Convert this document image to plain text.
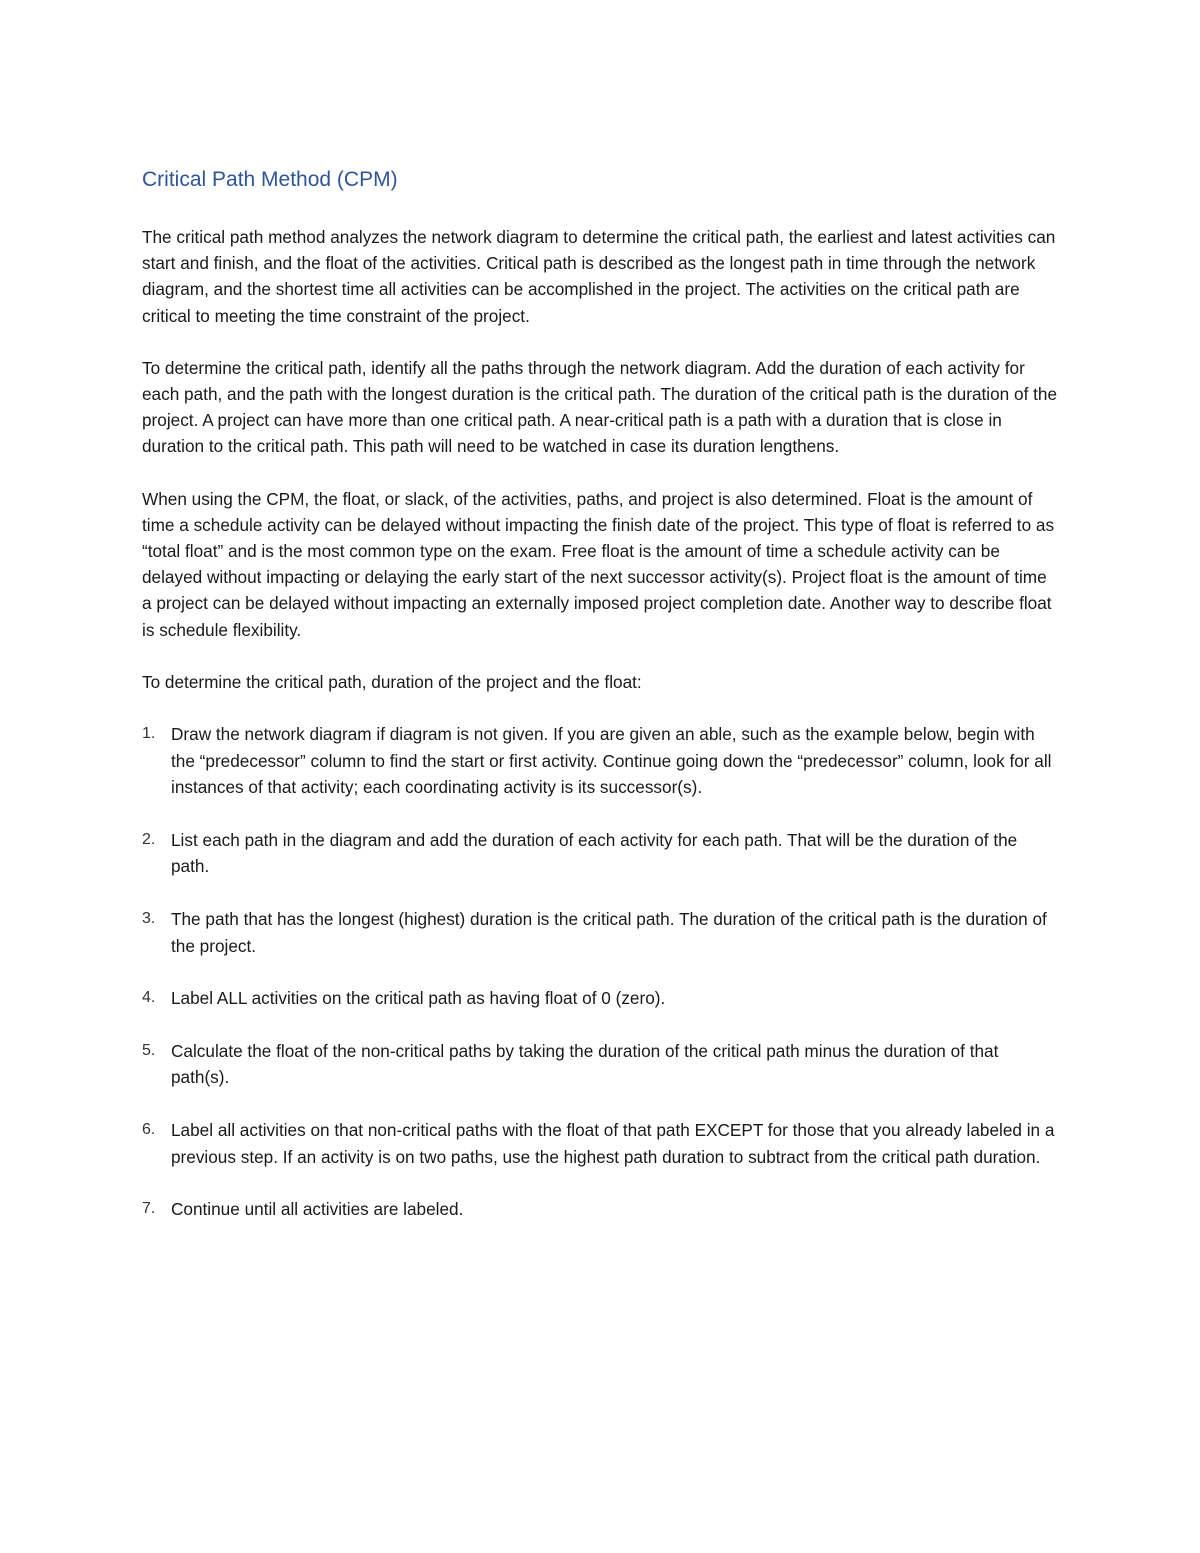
Critical Path Method (CPM)

The critical path method analyzes the network diagram to determine the critical path, the earliest and latest activities can start and finish, and the float of the activities. Critical path is described as the longest path in time through the network diagram, and the shortest time all activities can be accomplished in the project. The activities on the critical path are critical to meeting the time constraint of the project.

To determine the critical path, identify all the paths through the network diagram. Add the duration of each activity for each path, and the path with the longest duration is the critical path. The duration of the critical path is the duration of the project. A project can have more than one critical path. A near-critical path is a path with a duration that is close in duration to the critical path. This path will need to be watched in case its duration lengthens.

When using the CPM, the float, or slack, of the activities, paths, and project is also determined. Float is the amount of time a schedule activity can be delayed without impacting the finish date of the project. This type of float is referred to as “total float” and is the most common type on the exam. Free float is the amount of time a schedule activity can be delayed without impacting or delaying the early start of the next successor activity(s). Project float is the amount of time a project can be delayed without impacting an externally imposed project completion date. Another way to describe float is schedule flexibility.

To determine the critical path, duration of the project and the float:

1. Draw the network diagram if diagram is not given. If you are given an able, such as the example below, begin with the “predecessor” column to find the start or first activity. Continue going down the “predecessor” column, look for all instances of that activity; each coordinating activity is its successor(s).
2. List each path in the diagram and add the duration of each activity for each path. That will be the duration of the path.
3. The path that has the longest (highest) duration is the critical path. The duration of the critical path is the duration of the project.
4. Label ALL activities on the critical path as having float of 0 (zero).
5. Calculate the float of the non-critical paths by taking the duration of the critical path minus the duration of that path(s).
6. Label all activities on that non-critical paths with the float of that path EXCEPT for those that you already labeled in a previous step. If an activity is on two paths, use the highest path duration to subtract from the critical path duration.
7. Continue until all activities are labeled.
